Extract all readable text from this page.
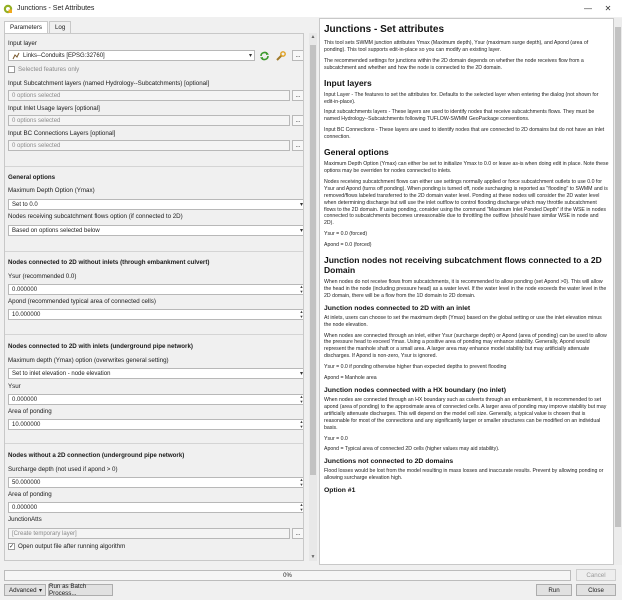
Junctions - Set Attributes	—	✕
Parameters	Log
Input layer
Links--Conduits [EPSG:32760]	▾	...
Selected features only
Input Subcatchment layers (named Hydrology--Subcatchments) [optional]
0 options selected	...
Input Inlet Usage layers [optional]
0 options selected	...
Input BC Connections Layers [optional]
0 options selected	...
General options
Maximum Depth Option (Ymax)
Set to 0.0	▾
Nodes receiving subcatchment flows option (if connected to 2D)
Based on options selected below	▾
Nodes connected to 2D without inlets (through embankment culvert)
Ysur (recommended 0.0)
0.000000	▲
▼
Apond (recommended typical area of connected cells)
10.000000	▲
▼
Nodes connected to 2D with inlets (underground pipe network)
Maximum depth (Ymax) option (overwrites general setting)
Set to inlet elevation - node elevation	▾
Ysur
0.000000	▲
▼
Area of ponding
10.000000	▲
▼
Nodes without a 2D connection (underground pipe network)
Surcharge depth (not used if apond > 0)
50.000000	▲
▼
Area of ponding
0.000000	▲
▼
JunctionAtts
[Create temporary layer]	...
✓ Open output file after running algorithm
▲
▼
Junctions - Set attributes

This tool sets SWMM junction attributes Ymax (Maximum depth), Ysur (maximum surge depth), and Apond (area of ponding). This tool supports edit-in-place so you can modify an existing layer.

The recommended settings for junctions within the 2D domain depends on whether the node receives flow from a subcatchment and whether and how the node is connected to the 2D domain.

Input layers

Input Layer - The features to set the attributes for. Defaults to the selected layer when entering the dialog (not shown for edit-in-place).

Input subcatchments layers - These layers are used to identify nodes that receive subcatchments flows. They must be named Hydrology--Subcatchments following TUFLOW-SWMM GeoPackage conventions.

Input BC Connections - These layers are used to identify nodes that are connected to 2D domains but do not have an inlet connection.

General options

Maximum Depth Option (Ymax) can either be set to initialize Ymax to 0.0 or leave as-is when doing edit in place. Note these options may be overriden for nodes connected to inlets.

Nodes receiving subcatchment flows can either use settings normally applied or force subcatchment outlets to use 0.0 for Ysur and Apond (turns off ponding). When ponding is turned off, node surcharging is reported as "flooding" to SWMM and is removed/flows labeled transferred to the 2D domain water level. Ponding at these nodes will consider the 2D water level when determining discharge but will use the inlet outflow to control flooding discharge which may throttle subcatchment flows to the 2D domain. If using ponding, consider using the command "Maximum Inlet Ponded Depth" if the WSE in nodes connected to subcatchments becomes unreasonable due to throttling the outflow (should have similar WSE in node and 2D).

Ysur = 0.0 (forced)

Apond = 0.0 (forced)

Junction nodes not receiving subcatchment flows connected to a 2D Domain

When nodes do not receive flows from subcatchments, it is recommended to allow ponding (set Apond >0). This will allow the head in the node (including pressure head) as a water level. If the water level in the node exceeds the water level in the 2D domain, there will be a flow from the 1D domain to 2D domain.

Junction nodes connected to 2D with an inlet

At inlets, users can choose to set the maximum depth (Ymax) based on the global setting or use the inlet elevation minus the node elevation.

When nodes are connected through an inlet, either Ysur (surcharge depth) or Apond (area of ponding) can be used to allow the pressure head to exceed Ymax. Using a positive area of ponding may enhance stability. Generally, Apond would represent the manhole shaft or a small area. A larger area may enhance model stability but may artificially attenuate discharges. If Apond is non-zero, Ysur is ignored.

Ysur = 0.0 if ponding otherwise higher than expected depths to prevent flooding

Apond = Manhole area

Junction nodes connected with a HX boundary (no inlet)

When nodes are connected through an HX boundary such as culverts through an embankment, it is recommended to set apond (area of ponding) to the approximate area of connected cells. A larger area of ponding may improve stability but may artificially attenuate discharges. This will depend on the model cell size. Generally, a typical value is chosen that is reasonable for most of the connections and any significantly larger or smaller structures can be modified on an individual basis.

Ysur = 0.0

Apond = Typical area of connected 2D cells (higher values may aid stability).

Junctions not connected to 2D domains

Flood losses would be lost from the model resulting in mass losses and inaccurate results. Prevent by allowing ponding or allowing surcharge elevation high.

Option #1
0%	Cancel
Advanced ▾
Run as Batch Process...	Run	Close
